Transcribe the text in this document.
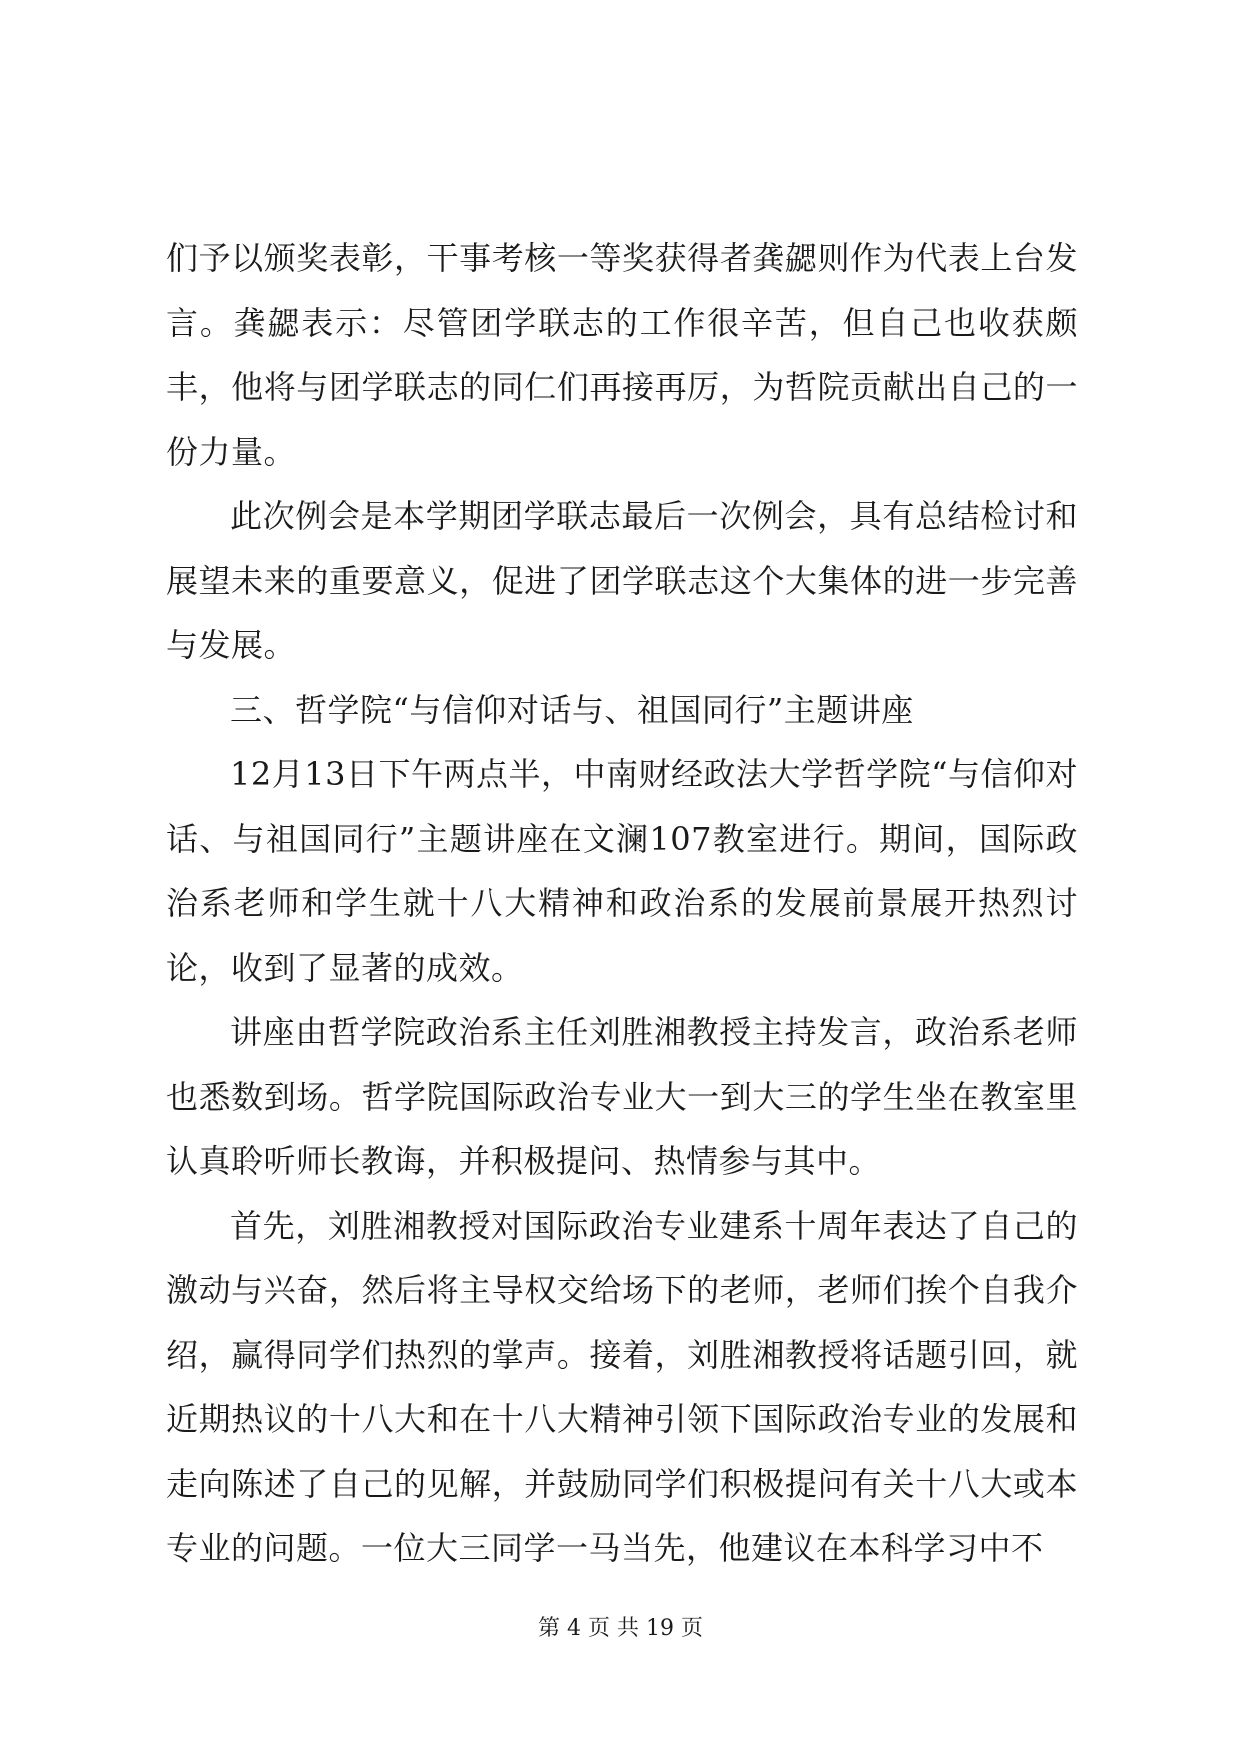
们予以颁奖表彰，干事考核一等奖获得者龚勰则作为代表上台发言。龚勰表示：尽管团学联志的工作很辛苦，但自己也收获颇丰，他将与团学联志的同仁们再接再厉，为哲院贡献出自己的一份力量。

此次例会是本学期团学联志最后一次例会，具有总结检讨和展望未来的重要意义，促进了团学联志这个大集体的进一步完善与发展。

三、哲学院“与信仰对话与、祖国同行”主题讲座

12月13日下午两点半，中南财经政法大学哲学院“与信仰对话、与祖国同行”主题讲座在文澜107教室进行。期间，国际政治系老师和学生就十八大精神和政治系的发展前景展开热烈讨论，收到了显著的成效。

讲座由哲学院政治系主任刘胜湘教授主持发言，政治系老师也悉数到场。哲学院国际政治专业大一到大三的学生坐在教室里认真聆听师长教诲，并积极提问、热情参与其中。

首先，刘胜湘教授对国际政治专业建系十周年表达了自己的激动与兴奋，然后将主导权交给场下的老师，老师们挨个自我介绍，赢得同学们热烈的掌声。接着，刘胜湘教授将话题引回，就近期热议的十八大和在十八大精神引领下国际政治专业的发展和走向陈述了自己的见解，并鼓励同学们积极提问有关十八大或本专业的问题。一位大三同学一马当先，他建议在本科学习中不

第 4 页 共 19 页
